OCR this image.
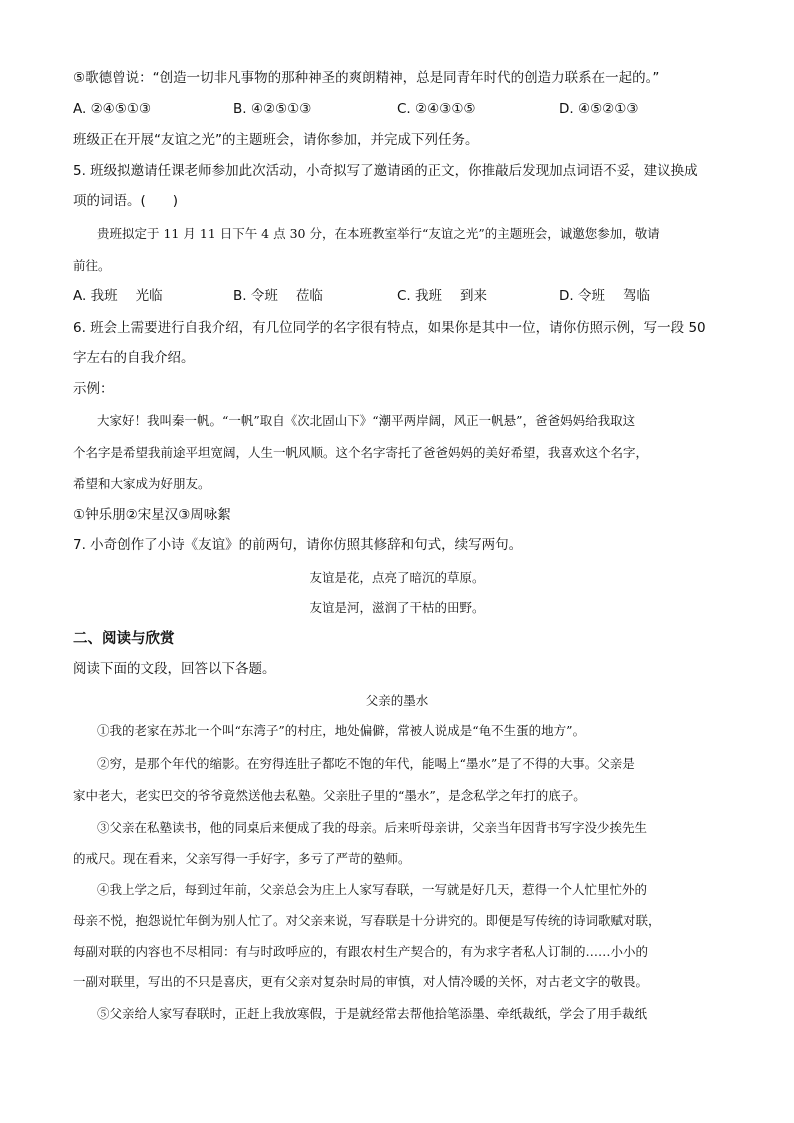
⑤歌德曾说：“创造一切非凡事物的那种神圣的爽朗精神，总是同青年时代的创造力联系在一起的。”
A. ②④⑤①③	B. ④②⑤①③	C. ②④③①⑤	D. ④⑤②①③
班级正在开展“友谊之光”的主题班会，请你参加，并完成下列任务。
5. 班级拟邀请任课老师参加此次活动，小奇拟写了邀请函的正文，你推敲后发现加点词语不妥，建议换成
项的词语。(　　)
贵班拟定于 11 月 11 日下午 4 点 30 分，在本班教室举行“友谊之光”的主题班会，诚邀您参加，敬请
前往。
A. 我班 光临	B. 令班 莅临	C. 我班 到来	D. 令班 驾临
6. 班会上需要进行自我介绍，有几位同学的名字很有特点，如果你是其中一位，请你仿照示例，写一段 50
字左右的自我介绍。
示例：
大家好！我叫秦一帆。“一帆”取自《次北固山下》“潮平两岸阔，风正一帆悬”，爸爸妈妈给我取这
个名字是希望我前途平坦宽阔，人生一帆风顺。这个名字寄托了爸爸妈妈的美好希望，我喜欢这个名字，
希望和大家成为好朋友。
①钟乐朋②宋星汉③周咏絮
7. 小奇创作了小诗《友谊》的前两句，请你仿照其修辞和句式，续写两句。
友谊是花，点亮了暗沉的草原。
友谊是河，滋润了干枯的田野。
二、阅读与欣赏
阅读下面的文段，回答以下各题。
父亲的墨水
①我的老家在苏北一个叫“东湾子”的村庄，地处偏僻，常被人说成是“龟不生蛋的地方”。
②穷，是那个年代的缩影。在穷得连肚子都吃不饱的年代，能喝上“墨水”是了不得的大事。父亲是
家中老大，老实巴交的爷爷竟然送他去私塾。父亲肚子里的“墨水”，是念私学之年打的底子。
③父亲在私塾读书，他的同桌后来便成了我的母亲。后来听母亲讲，父亲当年因背书写字没少挨先生
的戒尺。现在看来，父亲写得一手好字，多亏了严苛的塾师。
④我上学之后，每到过年前，父亲总会为庄上人家写春联，一写就是好几天，惹得一个人忙里忙外的
母亲不悦，抱怨说忙年倒为别人忙了。对父亲来说，写春联是十分讲究的。即便是写传统的诗词歌赋对联，
每副对联的内容也不尽相同：有与时政呼应的，有跟农村生产契合的，有为求字者私人订制的……小小的
一副对联里，写出的不只是喜庆，更有父亲对复杂时局的审慎，对人情冷暖的关怀，对古老文字的敬畏。
⑤父亲给人家写春联时，正赶上我放寒假，于是就经常去帮他拾笔添墨、牵纸裁纸，学会了用手裁纸
